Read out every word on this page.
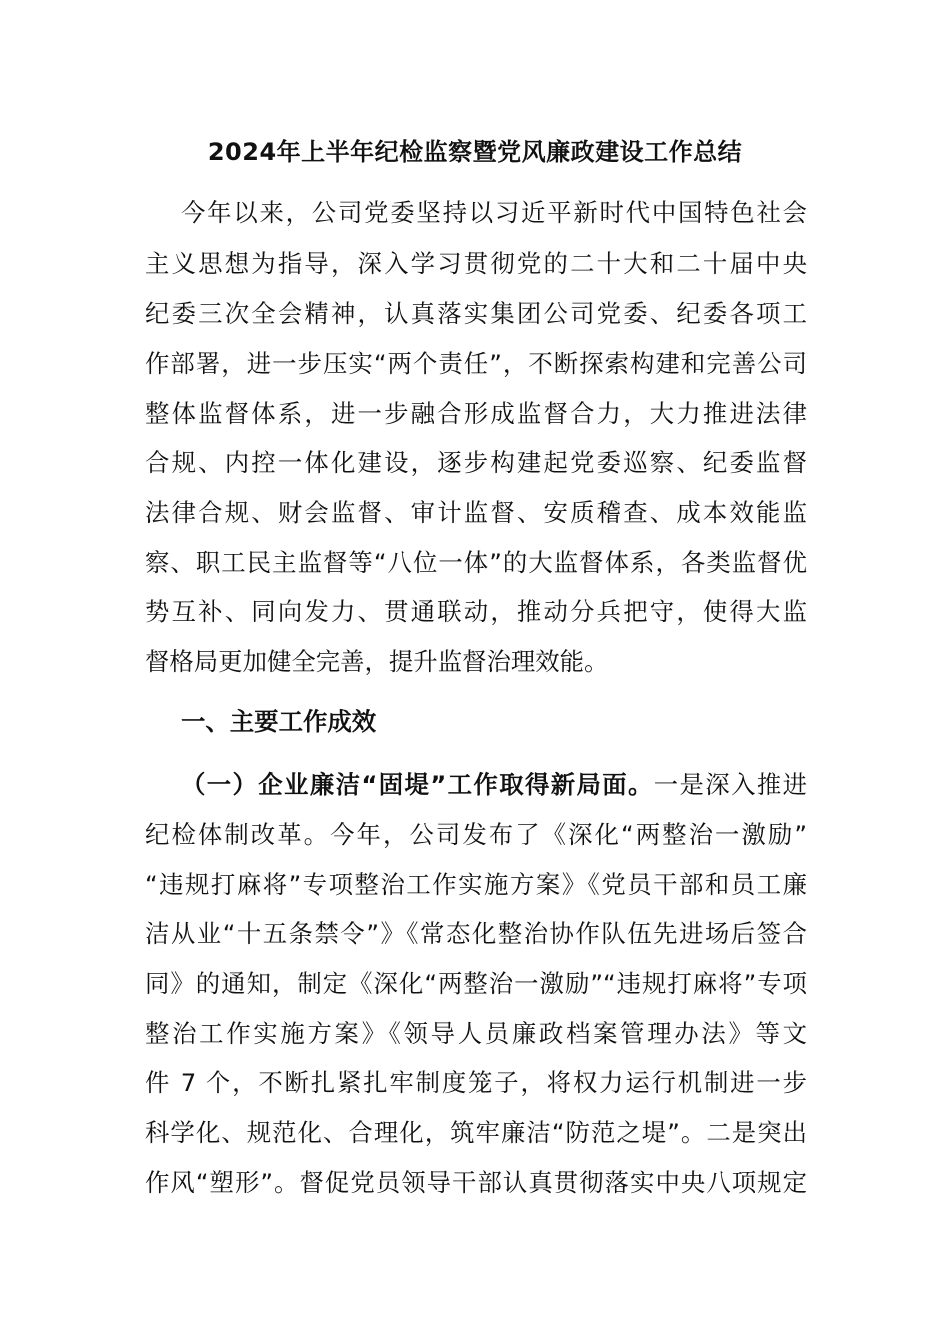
2024年上半年纪检监察暨党风廉政建设工作总结

今年以来，公司党委坚持以习近平新时代中国特色社会

主义思想为指导，深入学习贯彻党的二十大和二十届中央

纪委三次全会精神，认真落实集团公司党委、纪委各项工

作部署，进一步压实“两个责任”，不断探索构建和完善公司

整体监督体系，进一步融合形成监督合力，大力推进法律

合规、内控一体化建设，逐步构建起党委巡察、纪委监督

法律合规、财会监督、审计监督、安质稽查、成本效能监

察、职工民主监督等“八位一体”的大监督体系，各类监督优

势互补、同向发力、贯通联动，推动分兵把守，使得大监

督格局更加健全完善，提升监督治理效能。

一、主要工作成效

（一）企业廉洁“固堤”工作取得新局面。一是深入推进

纪检体制改革。今年，公司发布了《深化“两整治一激励”

“违规打麻将”专项整治工作实施方案》《党员干部和员工廉

洁从业“十五条禁令”》《常态化整治协作队伍先进场后签合

同》的通知，制定《深化“两整治一激励”“违规打麻将”专项

整治工作实施方案》《领导人员廉政档案管理办法》等文

件 7 个，不断扎紧扎牢制度笼子，将权力运行机制进一步

科学化、规范化、合理化，筑牢廉洁“防范之堤”。二是突出

作风“塑形”。督促党员领导干部认真贯彻落实中央八项规定
